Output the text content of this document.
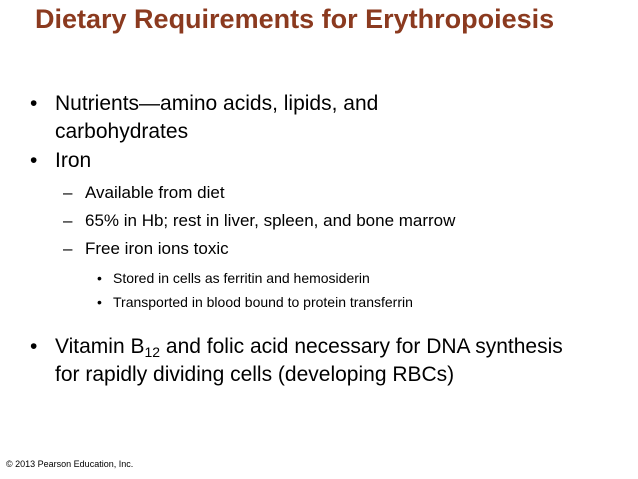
Dietary Requirements for Erythropoiesis
• Nutrients—amino acids, lipids, and carbohydrates
• Iron
– Available from diet
– 65% in Hb; rest in liver, spleen, and bone marrow
– Free iron ions toxic
• Stored in cells as ferritin and hemosiderin
• Transported in blood bound to protein transferrin
• Vitamin $B_{12}$ and folic acid necessary for DNA synthesis for rapidly dividing cells (developing RBCs)
© 2013 Pearson Education, Inc.
